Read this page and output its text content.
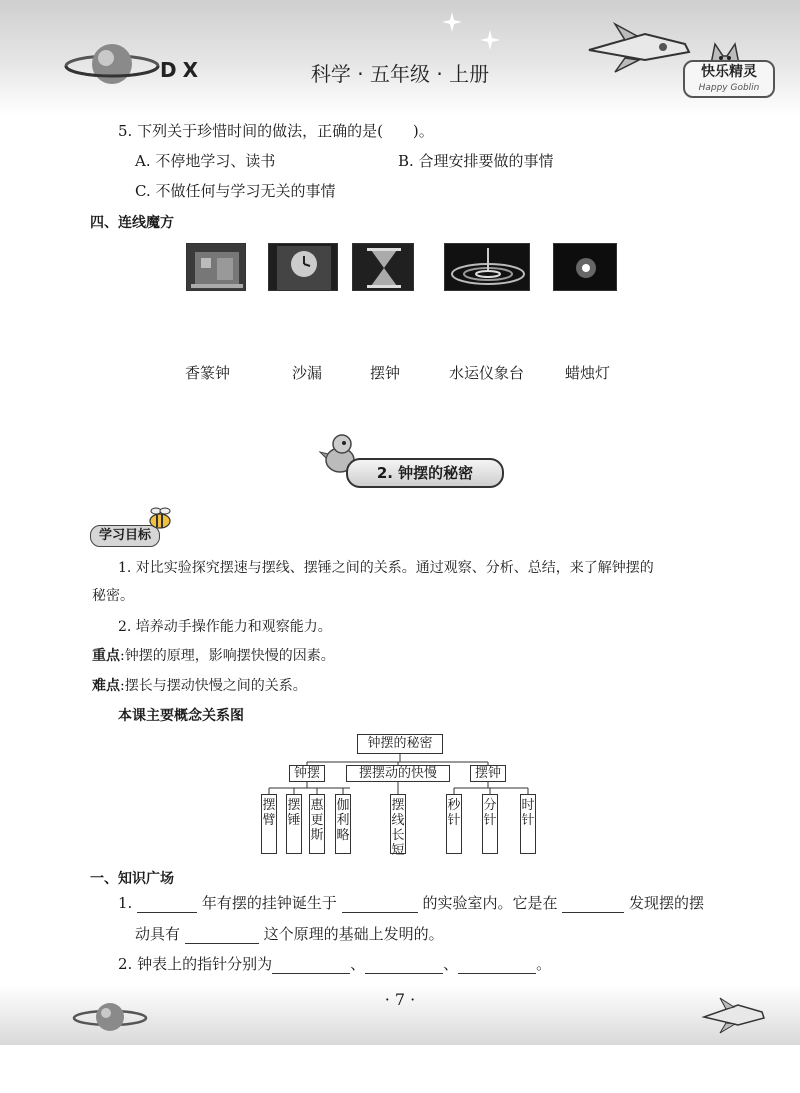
DX	科学 · 五年级 · 上册	快乐精灵
Happy Goblin
5. 下列关于珍惜时间的做法，正确的是(　　)。
A. 不停地学习、读书	B. 合理安排要做的事情
C. 不做任何与学习无关的事情
四、连线魔方
香篆钟	沙漏	摆钟	水运仪象台	蜡烛灯
2. 钟摆的秘密
学习目标
1. 对比实验探究摆速与摆线、摆锤之间的关系。通过观察、分析、总结，来了解钟摆的
秘密。
2. 培养动手操作能力和观察能力。
重点:钟摆的原理，影响摆快慢的因素。
难点:摆长与摆动快慢之间的关系。
本课主要概念关系图
钟摆的秘密
钟摆	摆摆动的快慢	摆钟
摆臂
摆锤
惠更斯
伽利略
摆线长短
秒针
分针
时针
一、知识广场
1.	年有摆的挂钟诞生于	的实验室内。它是在	发现摆的摆
动具有	这个原理的基础上发明的。
2. 钟表上的指针分别为	、	、	。
· 7 ·
